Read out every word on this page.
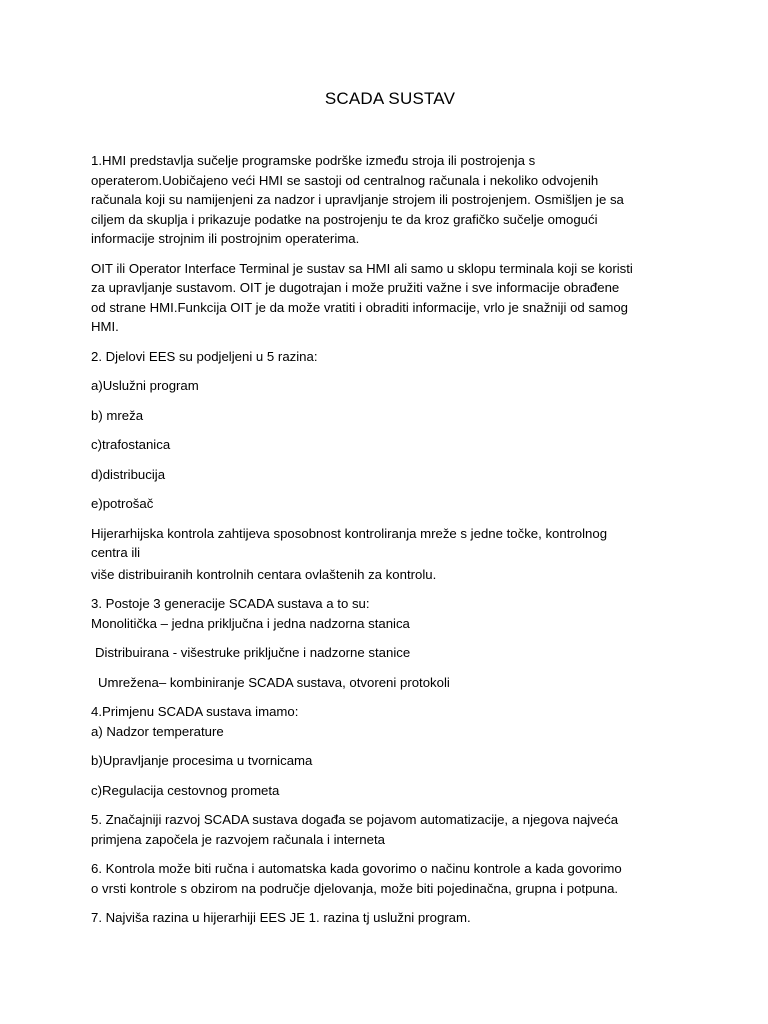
SCADA SUSTAV

1.HMI predstavlja sučelje programske podrške između stroja ili postrojenja s
operaterom.Uobičajeno veći HMI se sastoji od centralnog računala i nekoliko odvojenih
računala koji su namijenjeni za nadzor i upravljanje strojem ili postrojenjem. Osmišljen je sa
ciljem da skuplja i prikazuje podatke na postrojenju te da kroz grafičko sučelje omogući
informacije strojnim ili postrojnim operaterima.

OIT ili Operator Interface Terminal je sustav sa HMI ali samo u sklopu terminala koji se koristi
za upravljanje sustavom. OIT je dugotrajan i može pružiti važne i sve informacije obrađene
od strane HMI.Funkcija OIT je da može vratiti i obraditi informacije, vrlo je snažniji od samog
HMI.

2. Djelovi EES su podjeljeni u 5 razina:

a)Uslužni program

b) mreža

c)trafostanica

d)distribucija

e)potrošač

Hijerarhijska kontrola zahtijeva sposobnost kontroliranja mreže s jedne točke, kontrolnog
centra ili

više distribuiranih kontrolnih centara ovlaštenih za kontrolu.

3. Postoje 3 generacije SCADA sustava a to su:
Monolitička – jedna priključna i jedna nadzorna stanica

Distribuirana - višestruke priključne i nadzorne stanice

Umrežena– kombiniranje SCADA sustava, otvoreni protokoli

4.Primjenu SCADA sustava imamo:
a) Nadzor temperature

b)Upravljanje procesima u tvornicama

c)Regulacija cestovnog prometa

5. Značajniji razvoj SCADA sustava događa se pojavom automatizacije, a njegova najveća
primjena započela je razvojem računala i interneta

6. Kontrola može biti ručna i automatska kada govorimo o načinu kontrole a kada govorimo
o vrsti kontrole s obzirom na područje djelovanja, može biti pojedinačna, grupna i potpuna.

7. Najviša razina u hijerarhiji EES JE 1. razina tj uslužni program.
